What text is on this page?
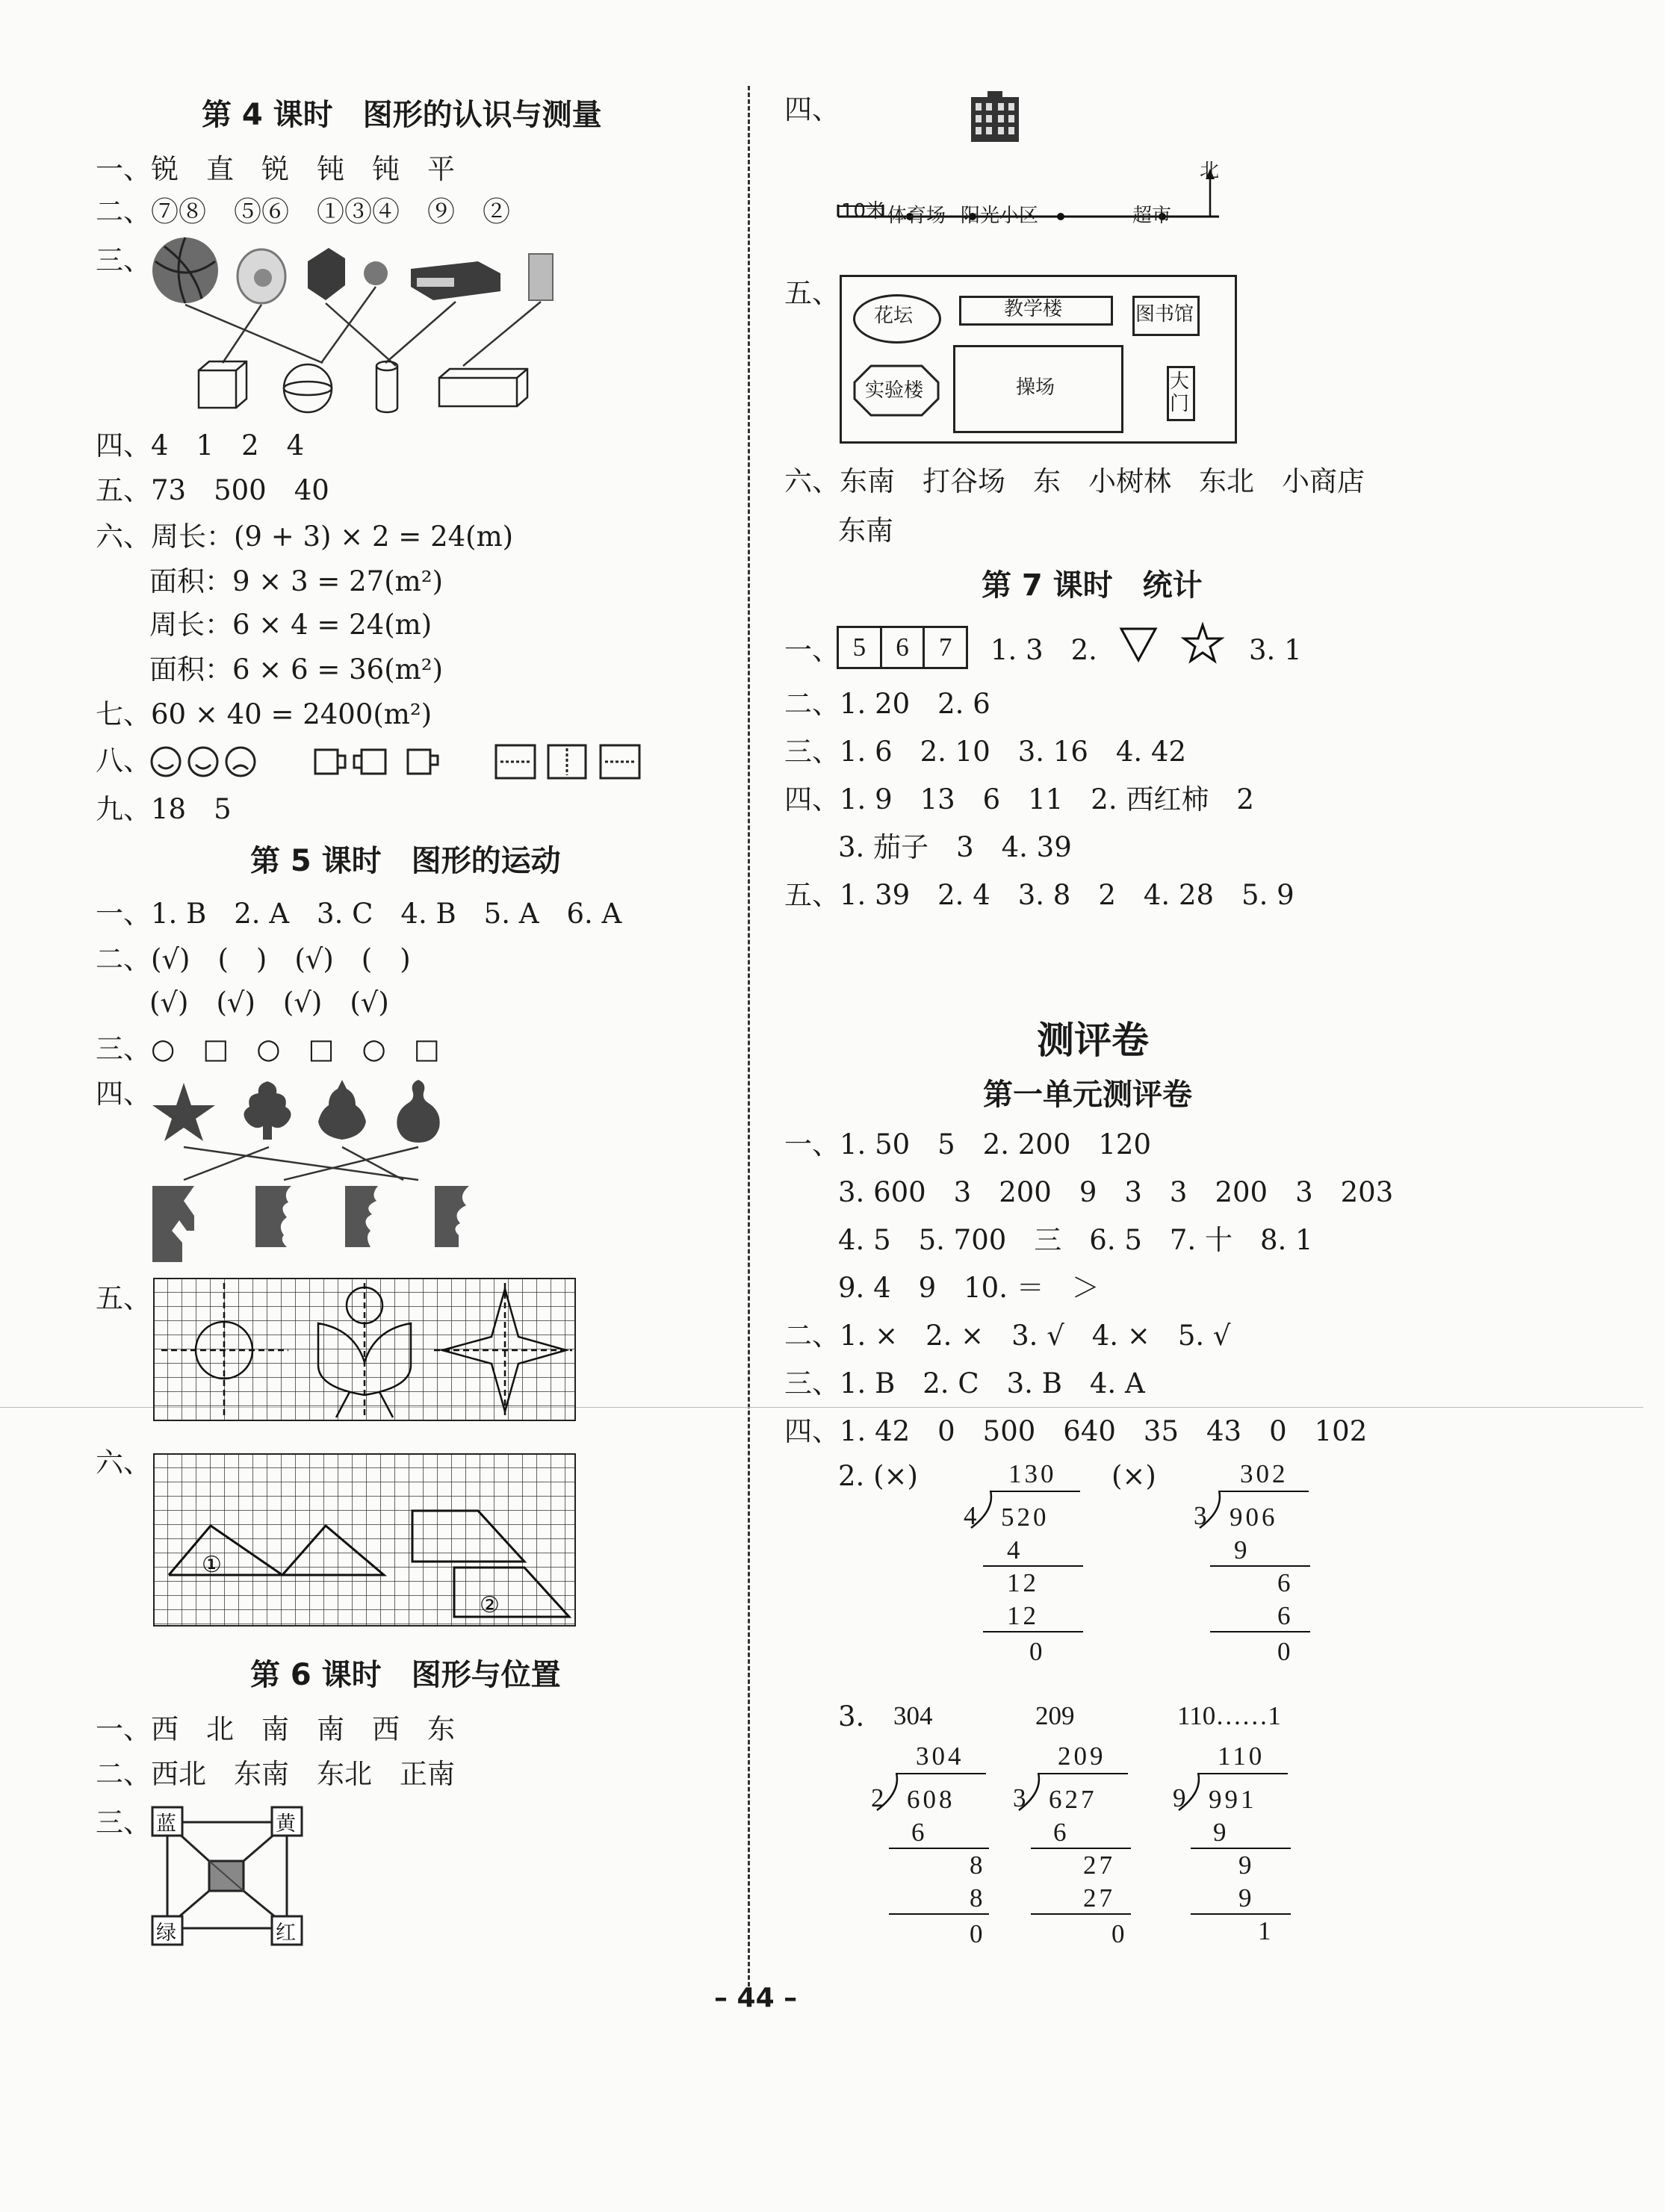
第 4 课时　图形的认识与测量
一、锐　直　锐　钝　钝　平
二、⑦⑧　⑤⑥　①③④　⑨　②
三、
四、4　1　2　4
五、73　500　40
六、周长：(9 + 3) × 2 = 24(m)
面积：9 × 3 = 27(m²)
周长：6 × 4 = 24(m)
面积：6 × 6 = 36(m²)
七、60 × 40 = 2400(m²)
八、
九、18　5
第 5 课时　图形的运动
一、1. B　2. A　3. C　4. B　5. A　6. A
二、(√)　(　)　(√)　(　)
(√)　(√)　(√)　(√)
三、○　□　○　□　○　□
四、
五、
六、
①
②
第 6 课时　图形与位置
一、西　北　南　南　西　东
二、西北　东南　东北　正南
三、 蓝	黄
绿	红
四、
10米
北
体育场 阳光小区	超市
五、
花坛	教学楼	图书馆
实验楼	操场	大门
六、东南　打谷场　东　小树林　东北　小商店
东南
第 7 课时　统计
一、 5	6	7	1. 3　2.	3. 1
二、1. 20　2. 6
三、1. 6　2. 10　3. 16　4. 42
四、1. 9　13　6　11　2. 西红柿　2
3. 茄子　3　4. 39
五、1. 39　2. 4　3. 8　2　4. 28　5. 9
测评卷
第一单元测评卷
一、1. 50　5　2. 200　120
3. 600　3　200　9　3　3　200　3　203
4. 5　5. 700　三　6. 5　7. 十　8. 1
9. 4　9　10. ＝　＞
二、1. ×　2. ×　3. √　4. ×　5. √
三、1. B　2. C　3. B　4. A
四、1. 42　0　500　640　35　43　0　102
2. (×)	(×)
130
4 520
4
12
12
0
302
3 906
9
6
6
0
3. 304	209	110……1
304
2 608
6
8
8
0
209
3 627
6
27
27
0
110
9 991
9
9
9
1
– 44 –
